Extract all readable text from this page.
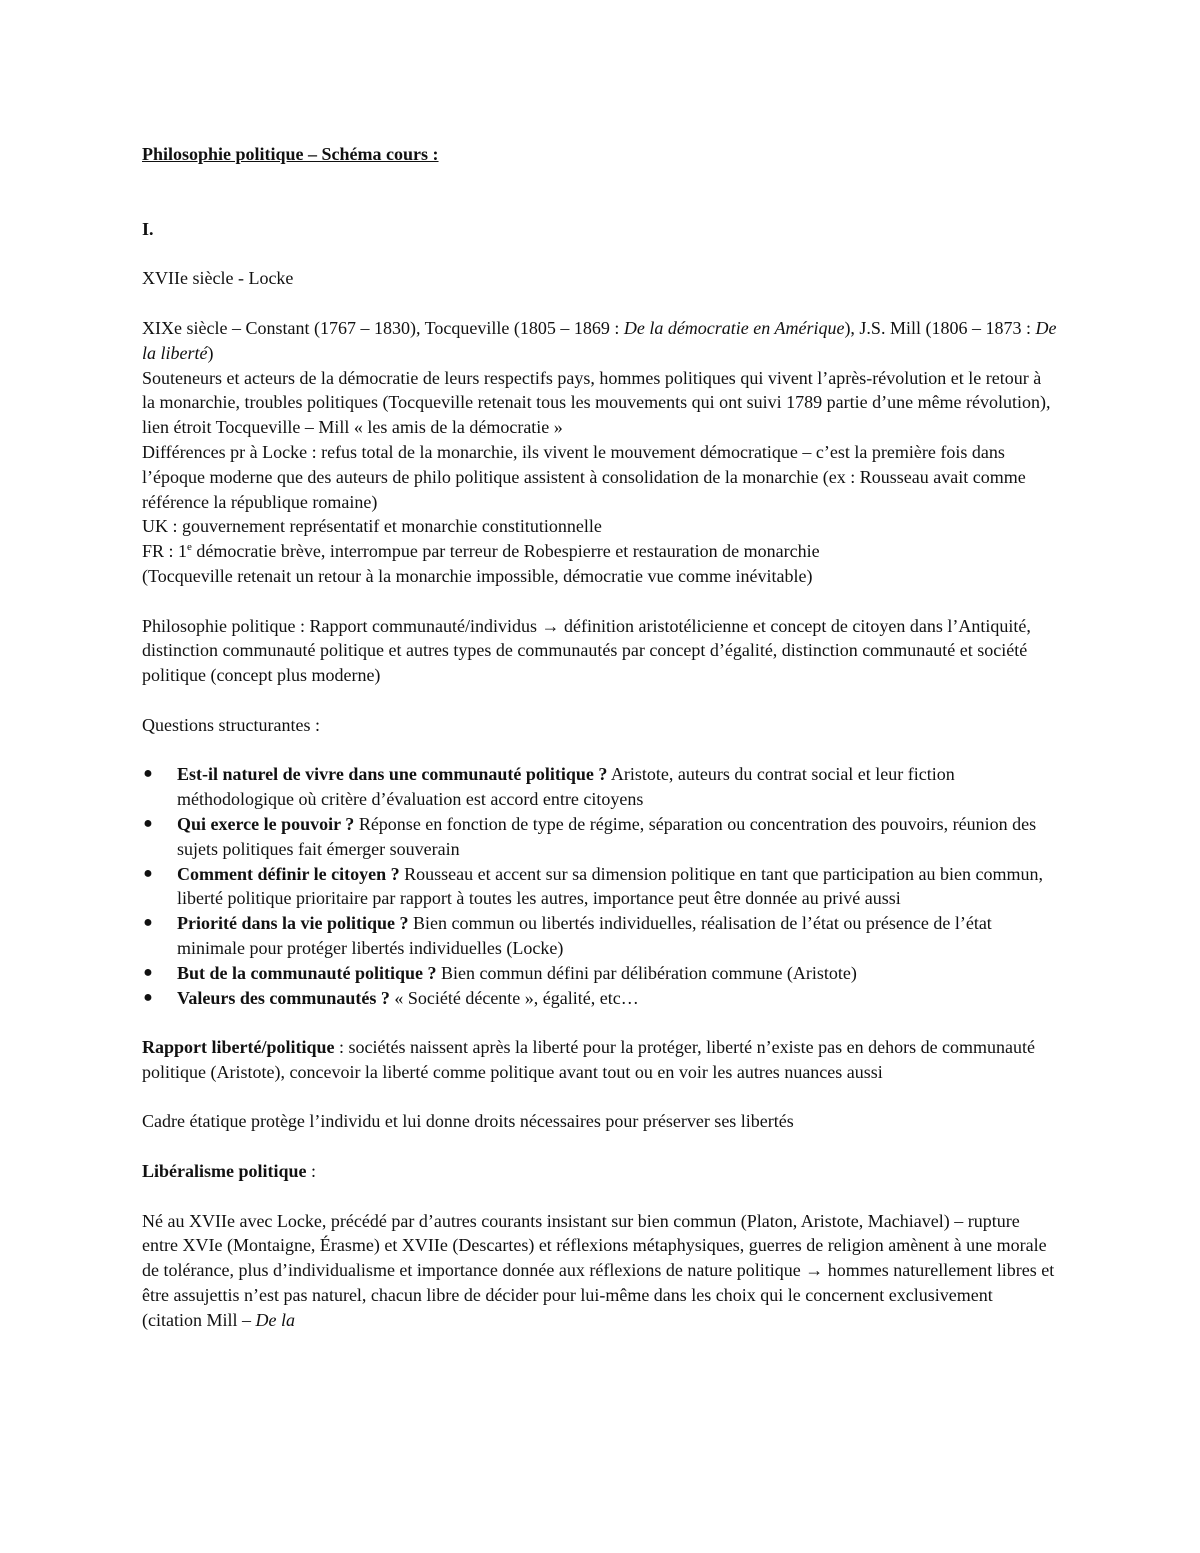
Philosophie politique – Schéma cours :

I.

XVIIe siècle - Locke

XIXe siècle – Constant (1767 – 1830), Tocqueville (1805 – 1869 : De la démocratie en Amérique), J.S. Mill (1806 – 1873 : De la liberté)

Souteneurs et acteurs de la démocratie de leurs respectifs pays, hommes politiques qui vivent l’après-révolution et le retour à la monarchie, troubles politiques (Tocqueville retenait tous les mouvements qui ont suivi 1789 partie d’une même révolution), lien étroit Tocqueville – Mill « les amis de la démocratie »

Différences pr à Locke : refus total de la monarchie, ils vivent le mouvement démocratique – c’est la première fois dans l’époque moderne que des auteurs de philo politique assistent à consolidation de la monarchie (ex : Rousseau avait comme référence la république romaine)

UK : gouvernement représentatif et monarchie constitutionnelle

FR : 1e démocratie brève, interrompue par terreur de Robespierre et restauration de monarchie

(Tocqueville retenait un retour à la monarchie impossible, démocratie vue comme inévitable)

Philosophie politique : Rapport communauté/individus → définition aristotélicienne et concept de citoyen dans l’Antiquité, distinction communauté politique et autres types de communautés par concept d’égalité, distinction communauté et société politique (concept plus moderne)

Questions structurantes :

● Est-il naturel de vivre dans une communauté politique ? Aristote, auteurs du contrat social et leur fiction méthodologique où critère d’évaluation est accord entre citoyens
● Qui exerce le pouvoir ? Réponse en fonction de type de régime, séparation ou concentration des pouvoirs, réunion des sujets politiques fait émerger souverain
● Comment définir le citoyen ? Rousseau et accent sur sa dimension politique en tant que participation au bien commun, liberté politique prioritaire par rapport à toutes les autres, importance peut être donnée au privé aussi
● Priorité dans la vie politique ? Bien commun ou libertés individuelles, réalisation de l’état ou présence de l’état minimale pour protéger libertés individuelles (Locke)
● But de la communauté politique ? Bien commun défini par délibération commune (Aristote)
● Valeurs des communautés ? « Société décente », égalité, etc…

Rapport liberté/politique : sociétés naissent après la liberté pour la protéger, liberté n’existe pas en dehors de communauté politique (Aristote), concevoir la liberté comme politique avant tout ou en voir les autres nuances aussi

Cadre étatique protège l’individu et lui donne droits nécessaires pour préserver ses libertés

Libéralisme politique :

Né au XVIIe avec Locke, précédé par d’autres courants insistant sur bien commun (Platon, Aristote, Machiavel) – rupture entre XVIe (Montaigne, Érasme) et XVIIe (Descartes) et réflexions métaphysiques, guerres de religion amènent à une morale de tolérance, plus d’individualisme et importance donnée aux réflexions de nature politique → hommes naturellement libres et être assujettis n’est pas naturel, chacun libre de décider pour lui-même dans les choix qui le concernent exclusivement (citation Mill – De la
